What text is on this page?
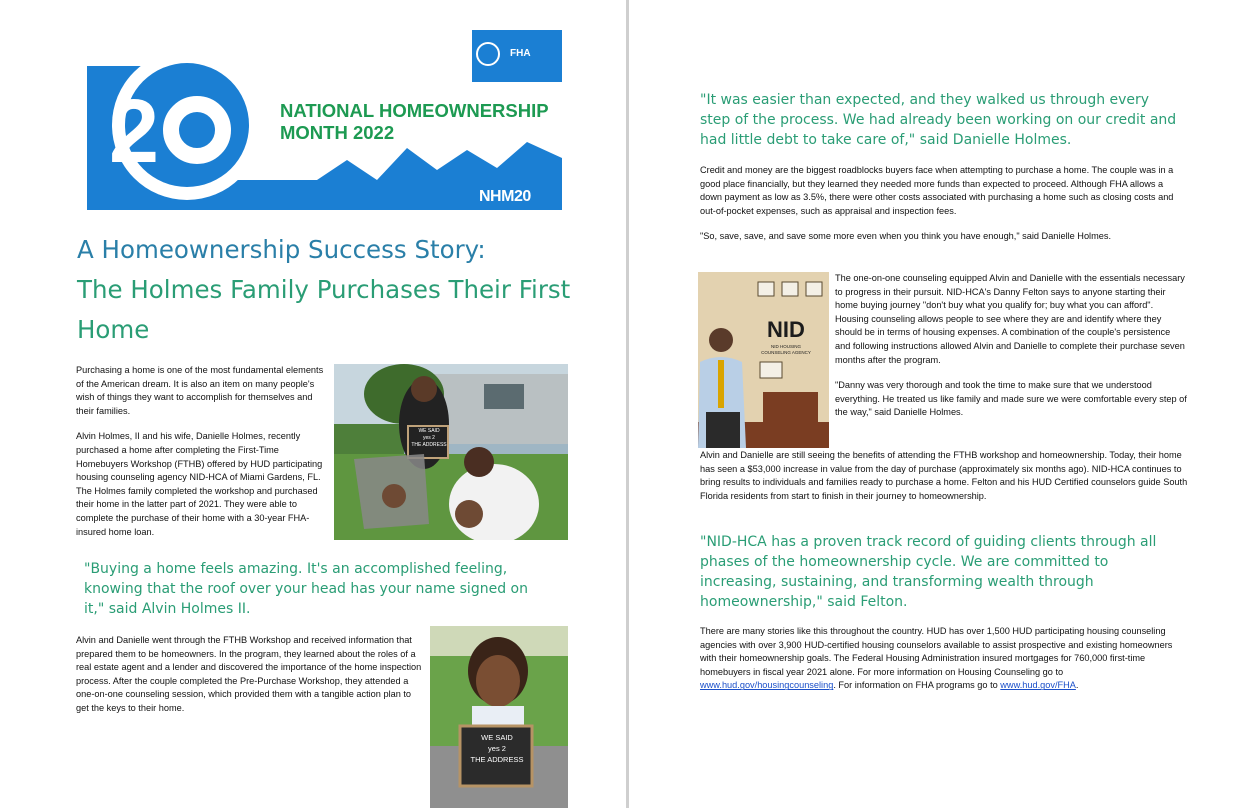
2
FHA
NATIONAL HOMEOWNERSHIP
MONTH 2022
NHM20
A Homeownership Success Story:
The Holmes Family Purchases Their First
Home

Purchasing a home is one of the most fundamental elements of the American dream. It is also an item on many people's wish of things they want to accomplish for themselves and their families.

Alvin Holmes, II and his wife, Danielle Holmes, recently purchased a home after completing the First-Time Homebuyers Workshop (FTHB) offered by HUD participating housing counseling agency NID-HCA of Miami Gardens, FL. The Holmes family completed the workshop and purchased their home in the latter part of 2021. They were able to complete the purchase of their home with a 30-year FHA-insured home loan.

WE SAID
yes 2
THE ADDRESS
"Buying a home feels amazing. It's an accomplished feeling, knowing that the roof over your head has your name signed on it," said Alvin Holmes II.

Alvin and Danielle went through the FTHB Workshop and received information that prepared them to be homeowners. In the program, they learned about the roles of a real estate agent and a lender and discovered the importance of the home inspection process. After the couple completed the Pre-Purchase Workshop, they attended a one-on-one counseling session, which provided them with a tangible action plan to get the keys to their home.

WE SAID
yes 2
THE ADDRESS
"It was easier than expected, and they walked us through every step of the process. We had already been working on our credit and had little debt to take care of," said Danielle Holmes.

Credit and money are the biggest roadblocks buyers face when attempting to purchase a home. The couple was in a good place financially, but they learned they needed more funds than expected to proceed. Although FHA allows a down payment as low as 3.5%, there were other costs associated with purchasing a home such as closing costs and out-of-pocket expenses, such as appraisal and inspection fees.

"So, save, save, and save some more even when you think you have enough," said Danielle Holmes.

NID
NID HOUSING
COUNSELING AGENCY

The one-on-one counseling equipped Alvin and Danielle with the essentials necessary to progress in their pursuit. NID-HCA's Danny Felton says to anyone starting their home buying journey "don't buy what you qualify for; buy what you can afford". Housing counseling allows people to see where they are and identify where they should be in terms of housing expenses. A combination of the couple's persistence and following instructions allowed Alvin and Danielle to complete their purchase seven months after the program.

"Danny was very thorough and took the time to make sure that we understood everything. He treated us like family and made sure we were comfortable every step of the way," said Danielle Holmes.

Alvin and Danielle are still seeing the benefits of attending the FTHB workshop and homeownership. Today, their home has seen a $53,000 increase in value from the day of purchase (approximately six months ago). NID-HCA continues to bring results to individuals and families ready to purchase a home. Felton and his HUD Certified counselors guide South Florida residents from start to finish in their journey to homeownership.

"NID-HCA has a proven track record of guiding clients through all phases of the homeownership cycle. We are committed to increasing, sustaining, and transforming wealth through homeownership," said Felton.

There are many stories like this throughout the country. HUD has over 1,500 HUD participating housing counseling agencies with over 3,900 HUD-certified housing counselors available to assist prospective and existing homeowners with their homeownership goals. The Federal Housing Administration insured mortgages for 760,000 first-time homebuyers in fiscal year 2021 alone. For more information on Housing Counseling go to www.hud.gov/housingcounseling. For information on FHA programs go to www.hud.gov/FHA.
